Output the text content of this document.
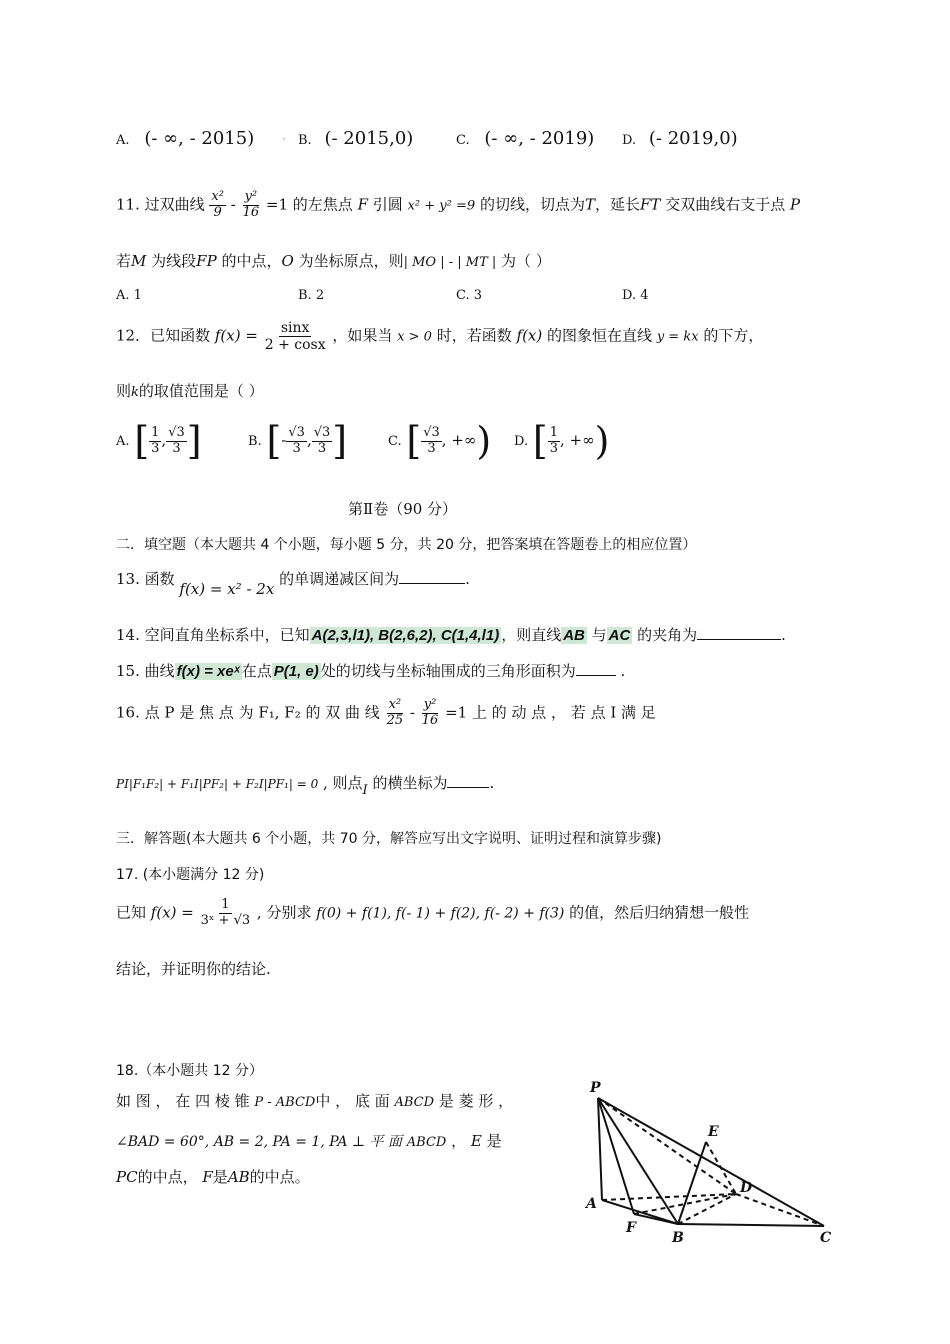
A. (- ∞, - 2015) · B. (- 2015,0)	C. (- ∞, - 2019) D. (- 2019,0)
11. 过双曲线 $\frac{\text{x²}}{9} - \frac{\text{y²}}{16} =1$ 的左焦点 F 引圆 x² + y² =9 的切线，切点为T，延长FT 交双曲线右支于点 P
若M 为线段FP 的中点，O 为坐标原点，则| MO | - | MT | 为（ ）
A. 1	B. 2	C. 3	D. 4
12．已知函数 $f(x) = \frac{\sin x}{2 + \cos x}$ ，如果当 x > 0 时，若函数 f(x) 的图象恒在直线 y = kx 的下方，
则k的取值范围是（ ）
A. [ $\frac{1}{3}$ , $\frac{√3}{3}$ ]	B. [- $\frac{√3}{3}$ , $\frac{√3}{3}$ ]	C. [ $\frac{√3}{3}$ , +∞) D. [ $\frac{1}{3}$ , +∞)
第Ⅱ卷（90 分）
二．填空题（本大题共 4 个小题，每小题 5 分，共 20 分，把答案填在答题卷上的相应位置）
13. 函数 f(x) = x² - 2x 的单调递减区间为	.
14. 空间直角坐标系中，已知 A(2,3,l1), B(2,6,2), C(1,4,l1) ，则直线 AB 与 AC 的夹角为	.
15. 曲线 f(x) = xeˣ 在点 P(1, e) 处的切线与坐标轴围成的三角形面积为	.
16. 点 P 是 焦 点 为 F₁, F₂ 的 双 曲 线 $\frac{\text{x²}}{25} - \frac{\text{y²}}{16} =1$ 上 的 动 点 ， 若 点 I 满 足
PI|F₁F₂| + F₁I|PF₂| + F₂I|PF₁| = 0 , 则点I 的横坐标为	.
三．解答题(本大题共 6 个小题，共 70 分，解答应写出文字说明、证明过程和演算步骤)
17. (本小题满分 12 分)
已知 $f(x) = \frac{1}{\text{3ˣ + √3}}$ , 分别求 f(0) + f(1), f(- 1) + f(2), f(- 2) + f(3) 的值，然后归纳猜想一般性
结论，并证明你的结论.
18.（本小题共 12 分）
如 图 ， 在 四 棱 锥 P - ABCD中 ， 底 面 ABCD 是 菱 形 ，
∠BAD = 60°, AB = 2, PA = 1, PA ⊥ 平 面 ABCD ， E 是
PC的中点， F是AB的中点。
P
E
D
A
F
B	C
